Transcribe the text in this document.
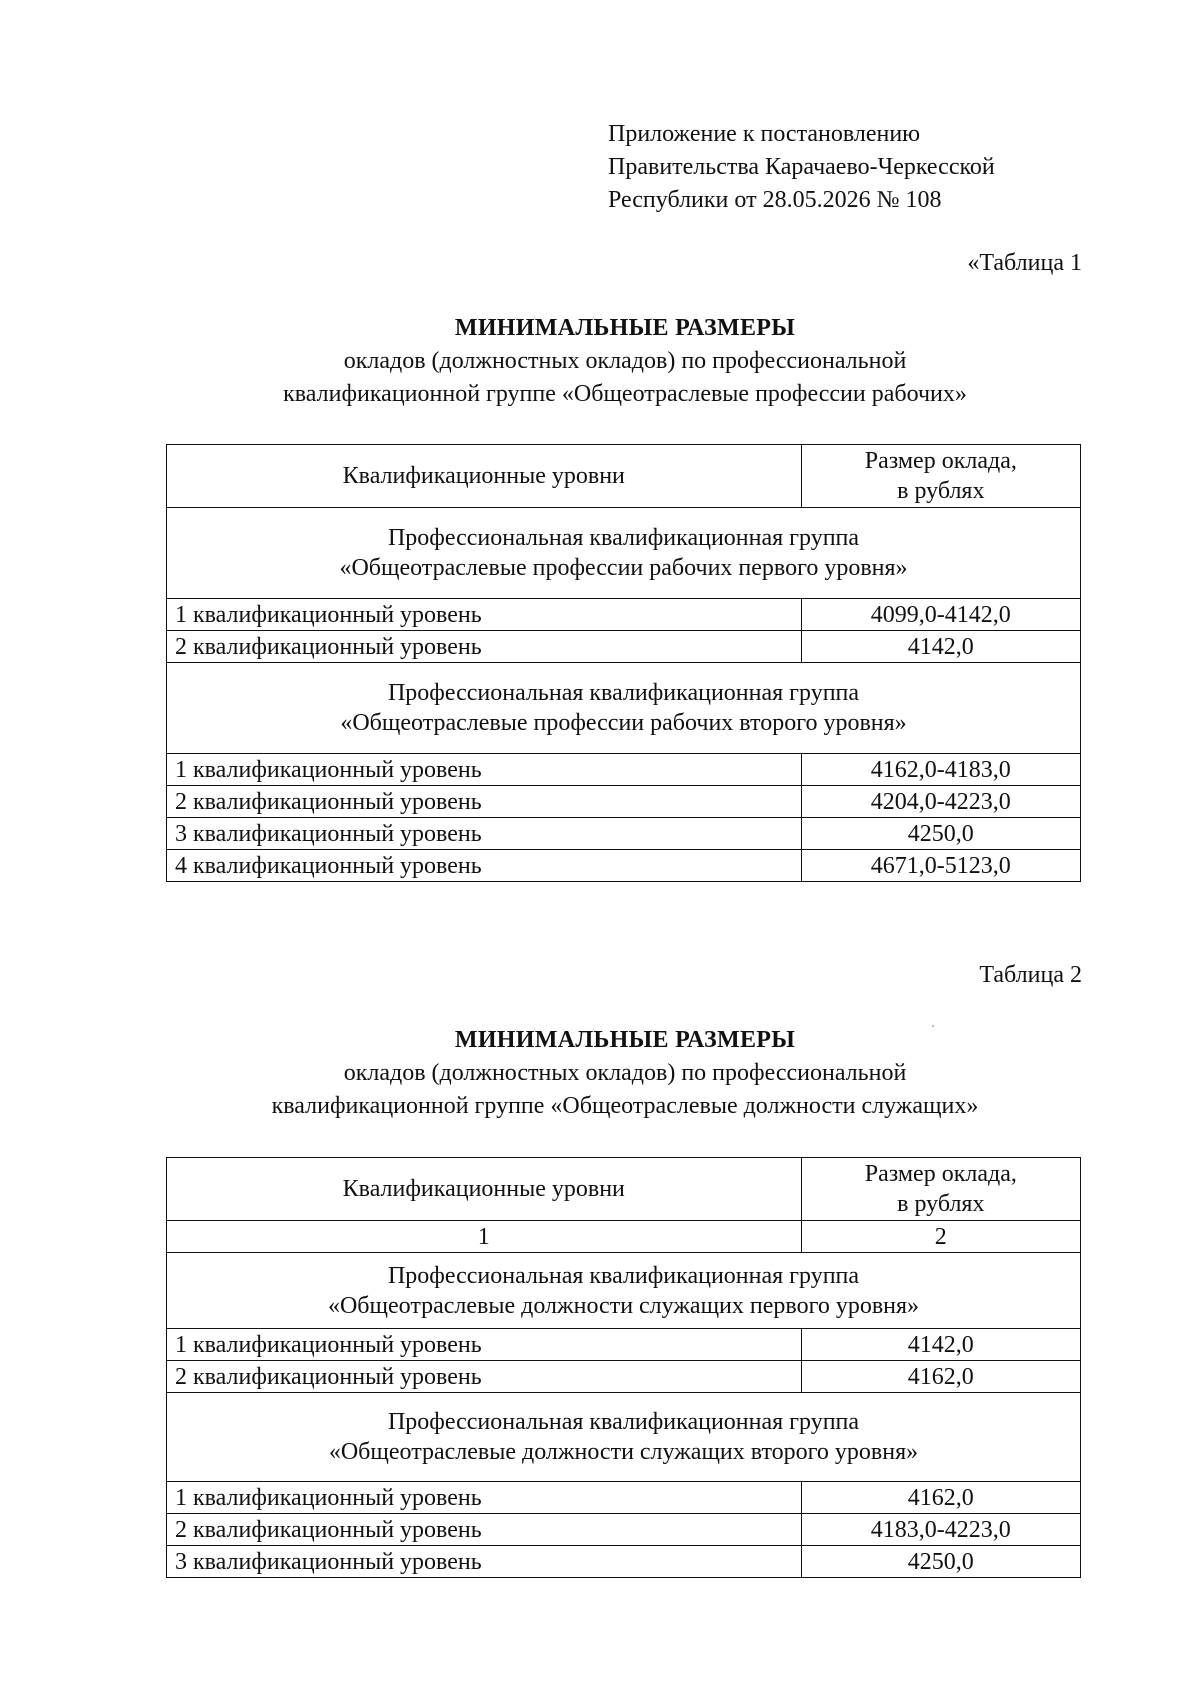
Приложение к постановлению
Правительства Карачаево-Черкесской
Республики от 28.05.2026 № 108
«Таблица 1
МИНИМАЛЬНЫЕ РАЗМЕРЫ
окладов (должностных окладов) по профессиональной
квалификационной группе «Общеотраслевые профессии рабочих»
Квалификационные уровни	Размер оклада,
в рублях

Профессиональная квалификационная группа
«Общеотраслевые профессии рабочих первого уровня»	

1 квалификационный уровень	4099,0-4142,0
2 квалификационный уровень	4142,0

Профессиональная квалификационная группа
«Общеотраслевые профессии рабочих второго уровня»	

1 квалификационный уровень	4162,0-4183,0
2 квалификационный уровень	4204,0-4223,0
3 квалификационный уровень	4250,0
4 квалификационный уровень	4671,0-5123,0
Таблица 2
МИНИМАЛЬНЫЕ РАЗМЕРЫ
окладов (должностных окладов) по профессиональной
квалификационной группе «Общеотраслевые должности служащих»
Квалификационные уровни	Размер оклада,
в рублях

1	2

Профессиональная квалификационная группа
«Общеотраслевые должности служащих первого уровня»	

1 квалификационный уровень	4142,0
2 квалификационный уровень	4162,0

Профессиональная квалификационная группа
«Общеотраслевые должности служащих второго уровня»	

1 квалификационный уровень	4162,0
2 квалификационный уровень	4183,0-4223,0
3 квалификационный уровень	4250,0
